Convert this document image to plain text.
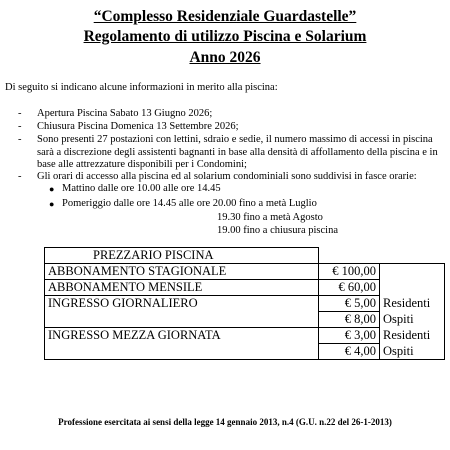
“Complesso Residenziale Guardastelle”
Regolamento di utilizzo Piscina e Solarium
Anno 2026
Di seguito si indicano alcune informazioni in merito alla piscina:
- Apertura Piscina Sabato 13 Giugno 2026;
- Chiusura Piscina Domenica 13 Settembre 2026;
- Sono presenti 27 postazioni con lettini, sdraio e sedie, il numero massimo di accessi in piscina
sarà a discrezione degli assistenti bagnanti in base alla densità di affollamento della piscina e in
base alle attrezzature disponibili per i Condomini;
- Gli orari di accesso alla piscina ed al solarium condominiali sono suddivisi in fasce orarie:
● Mattino dalle ore 10.00 alle ore 14.45
● Pomeriggio dalle ore 14.45 alle ore 20.00 fino a metà Luglio
19.30 fino a metà Agosto
19.00 fino a chiusura piscina
PREZZARIO PISCINA		
ABBONAMENTO STAGIONALE	€ 100,00	
ABBONAMENTO MENSILE	€ 60,00	
INGRESSO GIORNALIERO	€ 5,00	Residenti
	€ 8,00	Ospiti
INGRESSO MEZZA GIORNATA	€ 3,00	Residenti
	€ 4,00	Ospiti
Professione esercitata ai sensi della legge 14 gennaio 2013, n.4 (G.U. n.22 del 26-1-2013)
